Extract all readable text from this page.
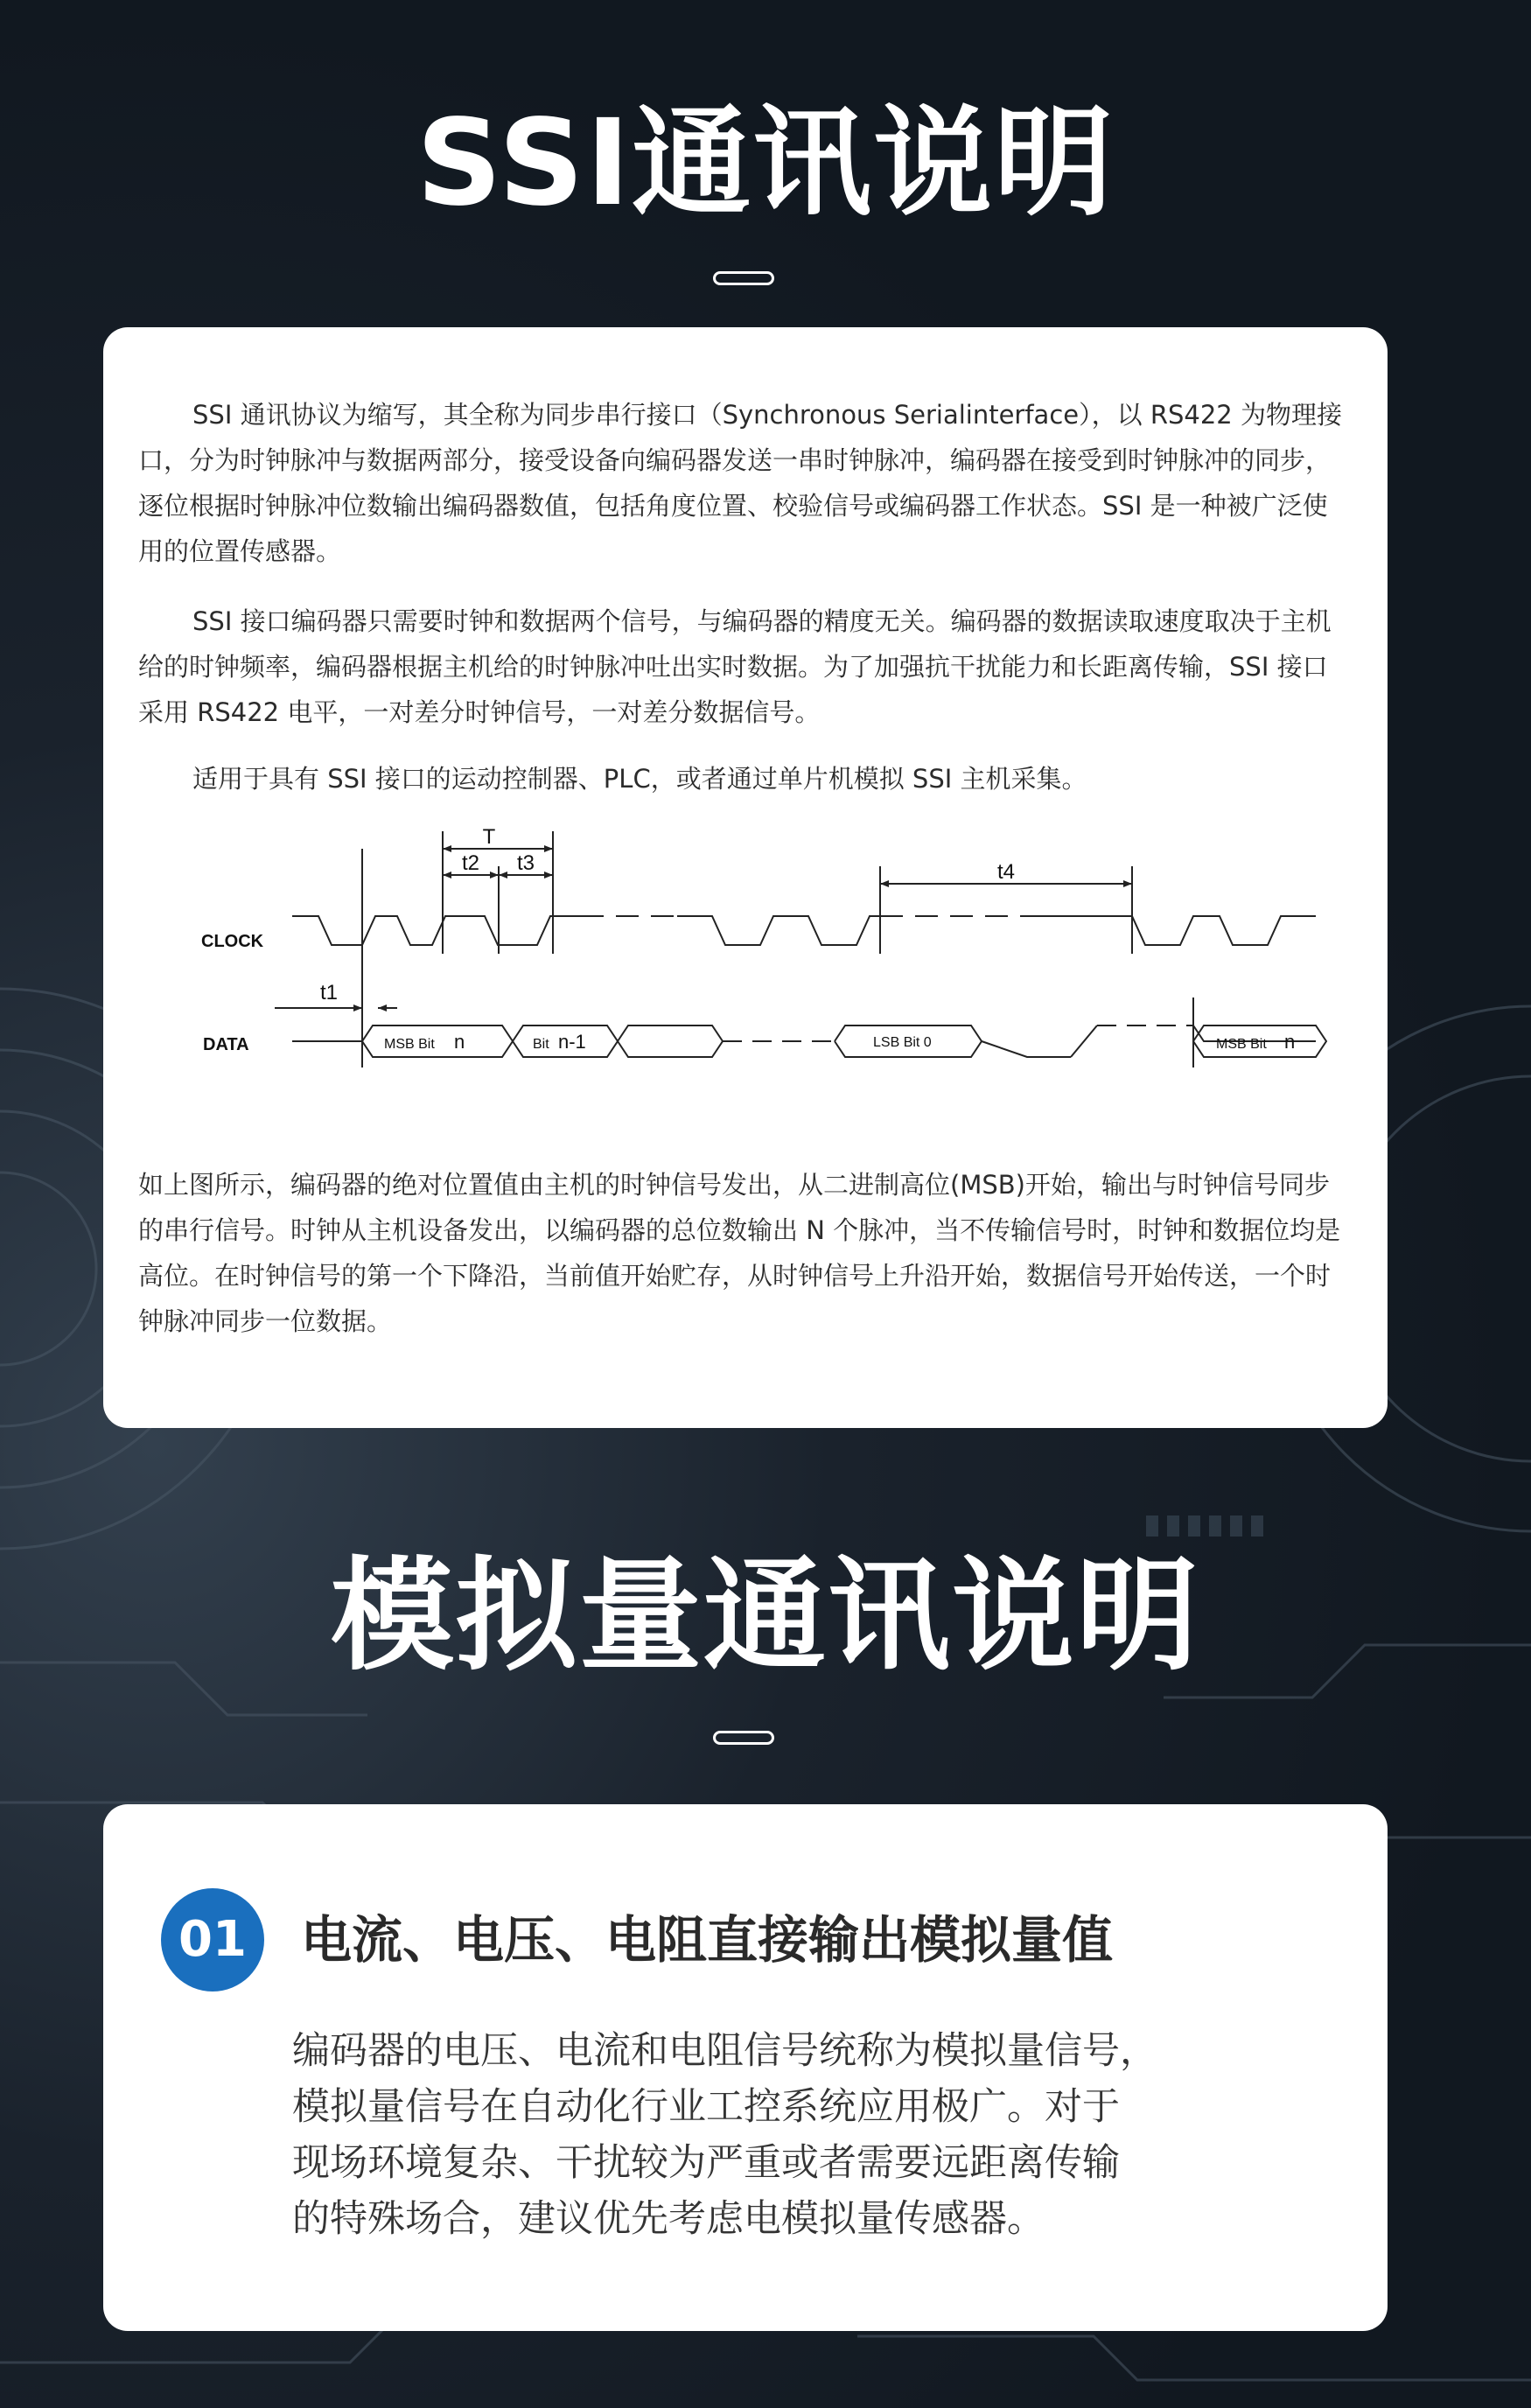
SSI通讯说明

SSI 通讯协议为缩写，其全称为同步串行接口（Synchronous Serialinterface），以 RS422 为物理接口，分为时钟脉冲与数据两部分，接受设备向编码器发送一串时钟脉冲，编码器在接受到时钟脉冲的同步，逐位根据时钟脉冲位数输出编码器数值，包括角度位置、校验信号或编码器工作状态。SSI 是一种被广泛使用的位置传感器。

SSI 接口编码器只需要时钟和数据两个信号，与编码器的精度无关。编码器的数据读取速度取决于主机给的时钟频率，编码器根据主机给的时钟脉冲吐出实时数据。为了加强抗干扰能力和长距离传输，SSI 接口采用 RS422 电平，一对差分时钟信号，一对差分数据信号。

适用于具有 SSI 接口的运动控制器、PLC，或者通过单片机模拟 SSI 主机采集。

CLOCK
DATA
T
t2 t3	t4
t1
MSB Bit n	Bit n-1	LSB Bit 0	MSB Bit n

如上图所示，编码器的绝对位置值由主机的时钟信号发出，从二进制高位(MSB)开始，输出与时钟信号同步的串行信号。时钟从主机设备发出，以编码器的总位数输出 N 个脉冲，当不传输信号时，时钟和数据位均是高位。在时钟信号的第一个下降沿，当前值开始贮存，从时钟信号上升沿开始，数据信号开始传送，一个时钟脉冲同步一位数据。

模拟量通讯说明
01	电流、电压、电阻直接输出模拟量值
编码器的电压、电流和电阻信号统称为模拟量信号，
模拟量信号在自动化行业工控系统应用极广。对于
现场环境复杂、干扰较为严重或者需要远距离传输
的特殊场合，建议优先考虑电模拟量传感器。
